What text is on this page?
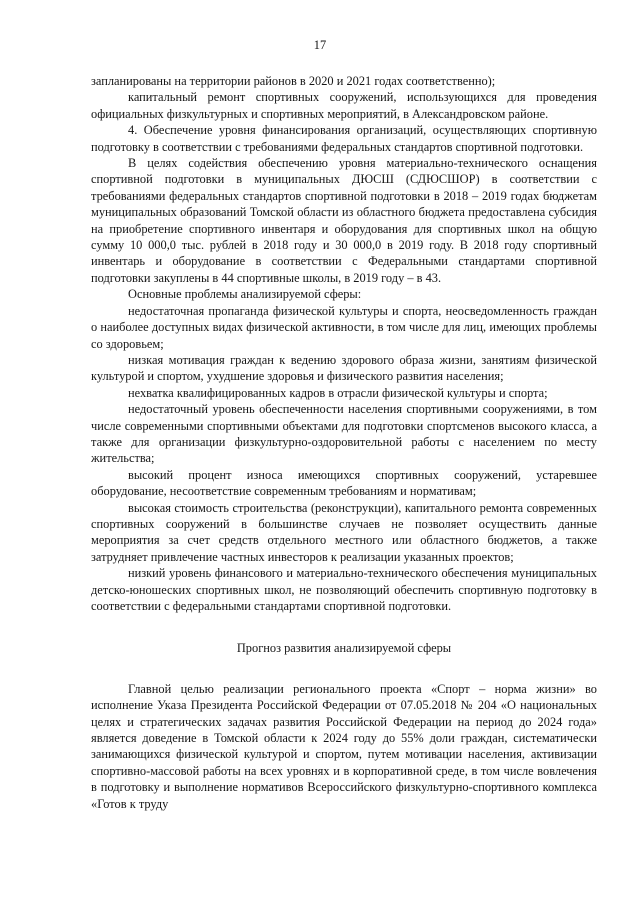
17

запланированы на территории районов в 2020 и 2021 годах соответственно);

капитальный ремонт спортивных сооружений, использующихся для проведения официальных физкультурных и спортивных мероприятий, в Александровском районе.

4. Обеспечение уровня финансирования организаций, осуществляющих спортивную подготовку в соответствии с требованиями федеральных стандартов спортивной подготовки.

В целях содействия обеспечению уровня материально-технического оснащения спортивной подготовки в муниципальных ДЮСШ (СДЮСШОР) в соответствии с требованиями федеральных стандартов спортивной подготовки в 2018 – 2019 годах бюджетам муниципальных образований Томской области из областного бюджета предоставлена субсидия на приобретение спортивного инвентаря и оборудования для спортивных школ на общую сумму 10 000,0 тыс. рублей в 2018 году и 30 000,0 в 2019 году. В 2018 году спортивный инвентарь и оборудование в соответствии с Федеральными стандартами спортивной подготовки закуплены в 44 спортивные школы, в 2019 году – в 43.

Основные проблемы анализируемой сферы:

недостаточная пропаганда физической культуры и спорта, неосведомленность граждан о наиболее доступных видах физической активности, в том числе для лиц, имеющих проблемы со здоровьем;

низкая мотивация граждан к ведению здорового образа жизни, занятиям физической культурой и спортом, ухудшение здоровья и физического развития населения;

нехватка квалифицированных кадров в отрасли физической культуры и спорта;

недостаточный уровень обеспеченности населения спортивными сооружениями, в том числе современными спортивными объектами для подготовки спортсменов высокого класса, а также для организации физкультурно-оздоровительной работы с населением по месту жительства;

высокий процент износа имеющихся спортивных сооружений, устаревшее оборудование, несоответствие современным требованиям и нормативам;

высокая стоимость строительства (реконструкции), капитального ремонта современных спортивных сооружений в большинстве случаев не позволяет осуществить данные мероприятия за счет средств отдельного местного или областного бюджетов, а также затрудняет привлечение частных инвесторов к реализации указанных проектов;

низкий уровень финансового и материально-технического обеспечения муниципальных детско-юношеских спортивных школ, не позволяющий обеспечить спортивную подготовку в соответствии с федеральными стандартами спортивной подготовки.

Прогноз развития анализируемой сферы

Главной целью реализации регионального проекта «Спорт – норма жизни» во исполнение Указа Президента Российской Федерации от 07.05.2018 № 204 «О национальных целях и стратегических задачах развития Российской Федерации на период до 2024 года» является доведение в Томской области к 2024 году до 55% доли граждан, систематически занимающихся физической культурой и спортом, путем мотивации населения, активизации спортивно-массовой работы на всех уровнях и в корпоративной среде, в том числе вовлечения в подготовку и выполнение нормативов Всероссийского физкультурно-спортивного комплекса «Готов к труду
